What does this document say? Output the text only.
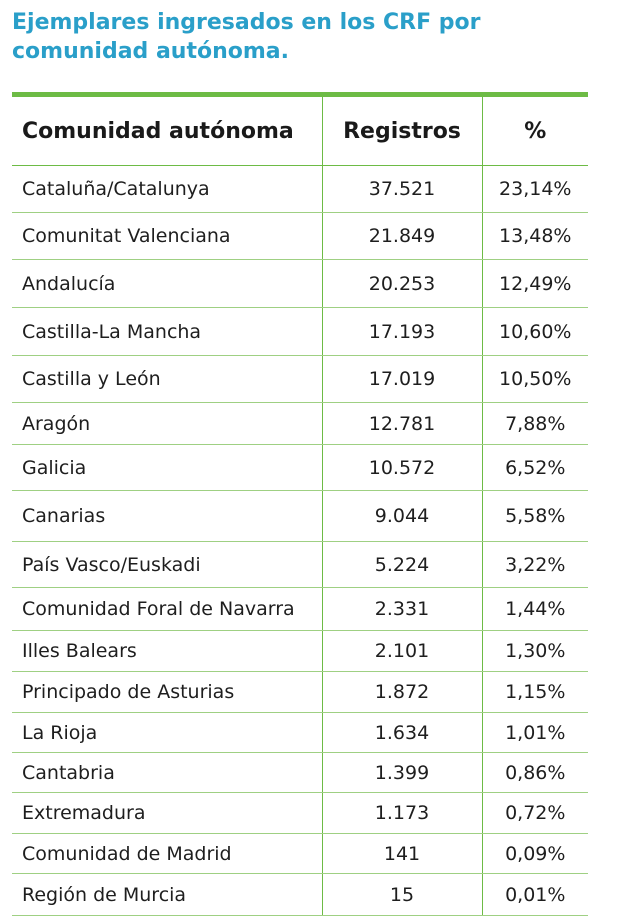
Ejemplares ingresados en los CRF por comunidad autónoma.
Comunidad autónoma	Registros	%
Cataluña/Catalunya	37.521	23,14%
Comunitat Valenciana	21.849	13,48%
Andalucía	20.253	12,49%
Castilla-La Mancha	17.193	10,60%
Castilla y León	17.019	10,50%
Aragón	12.781	7,88%
Galicia	10.572	6,52%
Canarias	9.044	5,58%
País Vasco/Euskadi	5.224	3,22%
Comunidad Foral de Navarra	2.331	1,44%
Illes Balears	2.101	1,30%
Principado de Asturias	1.872	1,15%
La Rioja	1.634	1,01%
Cantabria	1.399	0,86%
Extremadura	1.173	0,72%
Comunidad de Madrid	141	0,09%
Región de Murcia	15	0,01%
